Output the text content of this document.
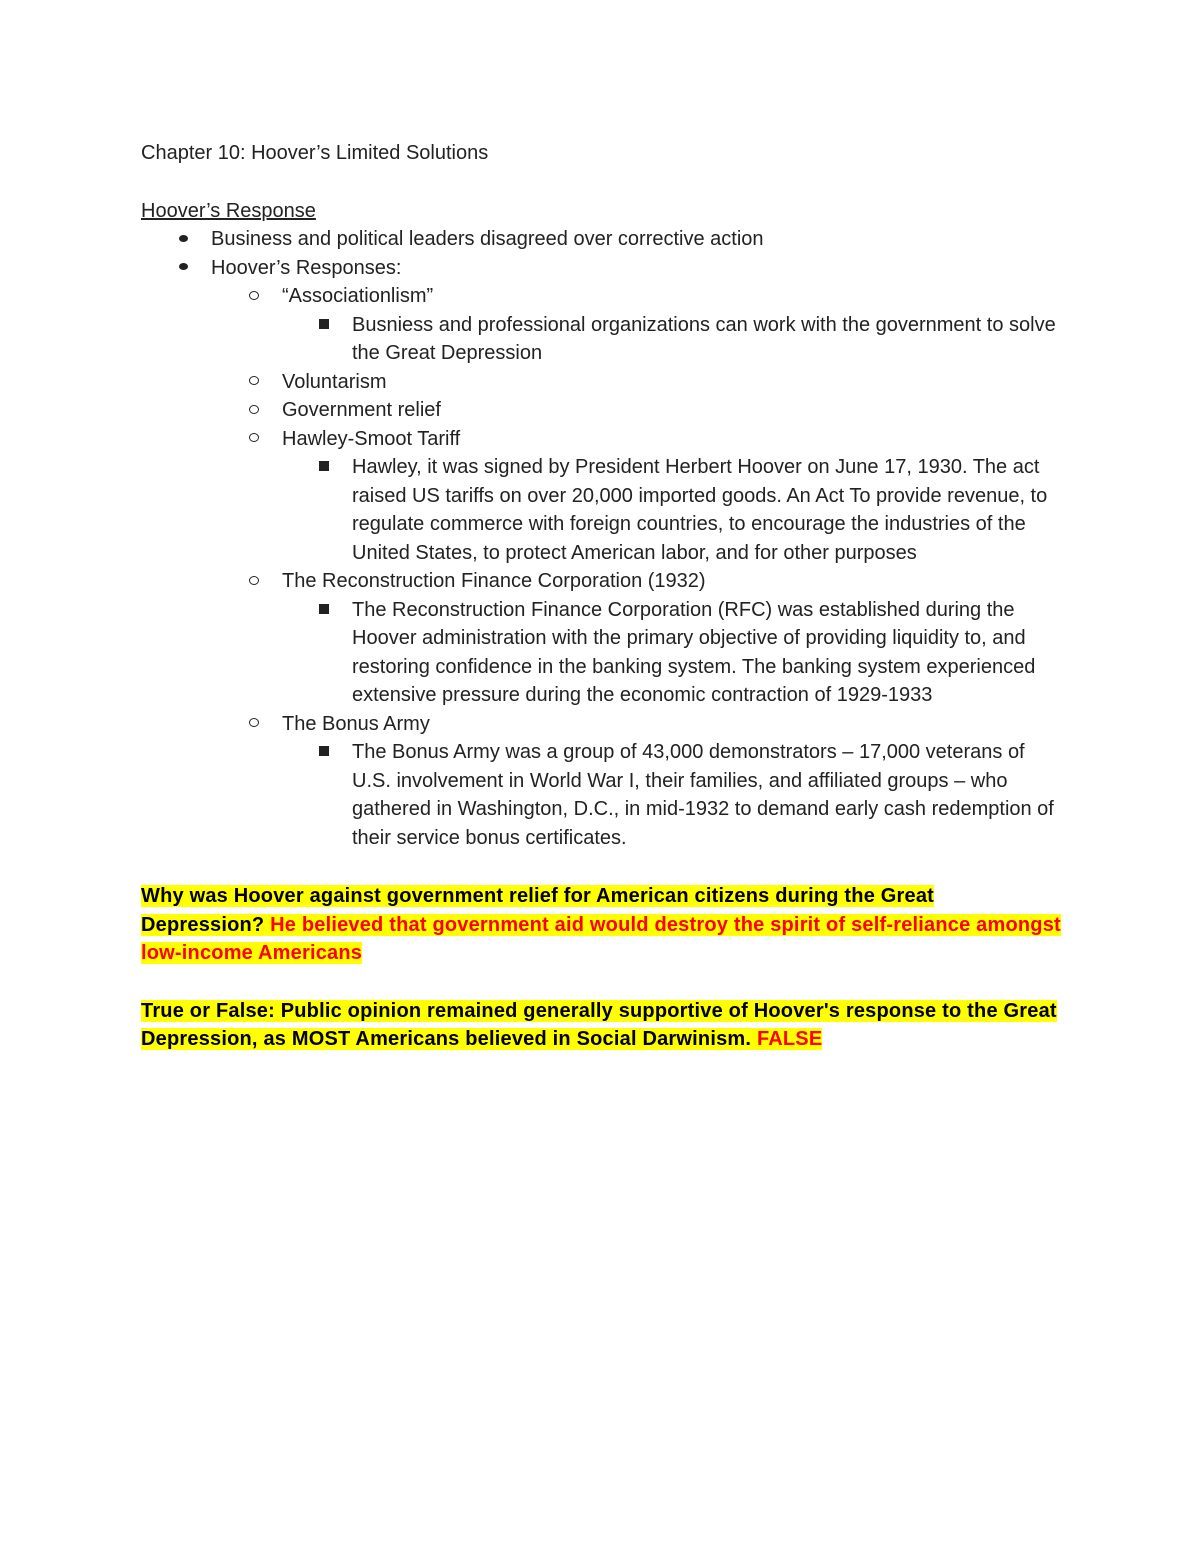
Chapter 10: Hoover’s Limited Solutions
Hoover’s Response
Business and political leaders disagreed over corrective action
Hoover’s Responses:
“Associationlism”
Busniess and professional organizations can work with the government to solve the Great Depression
Voluntarism
Government relief
Hawley-Smoot Tariff
Hawley, it was signed by President Herbert Hoover on June 17, 1930. The act raised US tariffs on over 20,000 imported goods. An Act To provide revenue, to regulate commerce with foreign countries, to encourage the industries of the United States, to protect American labor, and for other purposes
The Reconstruction Finance Corporation (1932)
The Reconstruction Finance Corporation (RFC) was established during the Hoover administration with the primary objective of providing liquidity to, and restoring confidence in the banking system. The banking system experienced extensive pressure during the economic contraction of 1929-1933
The Bonus Army
The Bonus Army was a group of 43,000 demonstrators – 17,000 veterans of U.S. involvement in World War I, their families, and affiliated groups – who gathered in Washington, D.C., in mid-1932 to demand early cash redemption of their service bonus certificates.

Why was Hoover against government relief for American citizens during the Great Depression? He believed that government aid would destroy the spirit of self-reliance amongst low-income Americans

True or False: Public opinion remained generally supportive of Hoover's response to the Great Depression, as MOST Americans believed in Social Darwinism. FALSE
